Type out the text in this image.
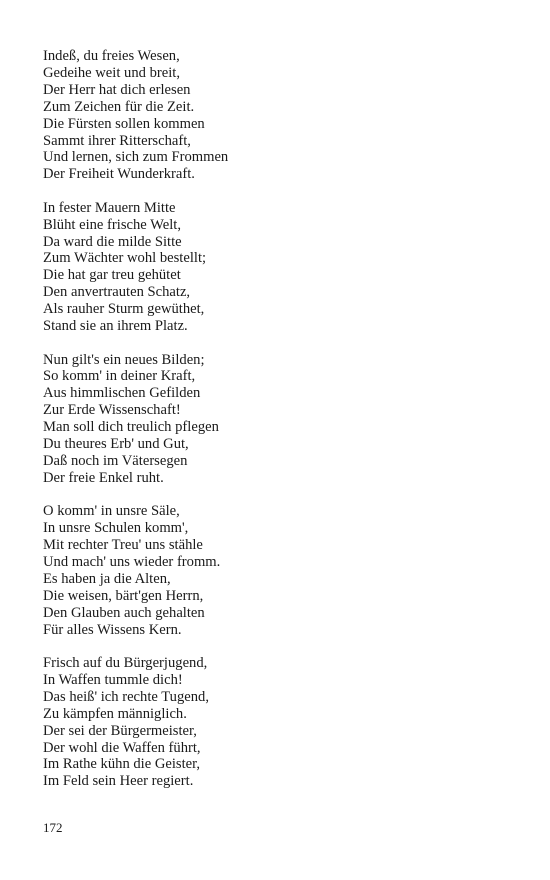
Indeß, du freies Wesen,
Gedeihe weit und breit,
Der Herr hat dich erlesen
Zum Zeichen für die Zeit.
Die Fürsten sollen kommen
Sammt ihrer Ritterschaft,
Und lernen, sich zum Frommen
Der Freiheit Wunderkraft.
In fester Mauern Mitte
Blüht eine frische Welt,
Da ward die milde Sitte
Zum Wächter wohl bestellt;
Die hat gar treu gehütet
Den anvertrauten Schatz,
Als rauher Sturm gewüthet,
Stand sie an ihrem Platz.
Nun gilt's ein neues Bilden;
So komm' in deiner Kraft,
Aus himmlischen Gefilden
Zur Erde Wissenschaft!
Man soll dich treulich pflegen
Du theures Erb' und Gut,
Daß noch im Vätersegen
Der freie Enkel ruht.
O komm' in unsre Säle,
In unsre Schulen komm',
Mit rechter Treu' uns stähle
Und mach' uns wieder fromm.
Es haben ja die Alten,
Die weisen, bärt'gen Herrn,
Den Glauben auch gehalten
Für alles Wissens Kern.
Frisch auf du Bürgerjugend,
In Waffen tummle dich!
Das heiß' ich rechte Tugend,
Zu kämpfen männiglich.
Der sei der Bürgermeister,
Der wohl die Waffen führt,
Im Rathe kühn die Geister,
Im Feld sein Heer regiert.
172
